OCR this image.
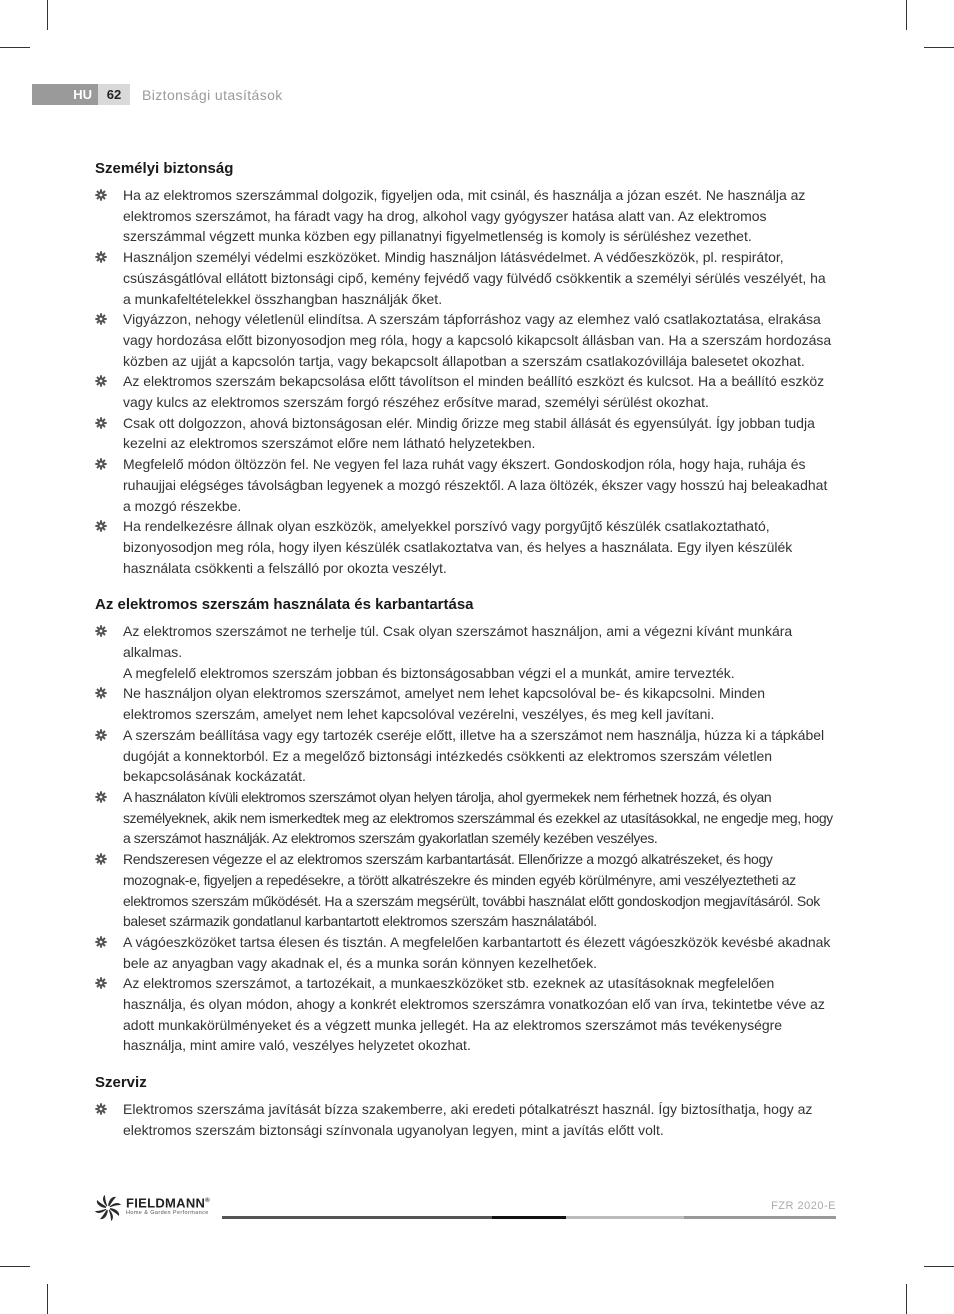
HU	62	Biztonsági utasítások
Személyi biztonság
Ha az elektromos szerszámmal dolgozik, figyeljen oda, mit csinál, és használja a józan eszét. Ne használja az elektromos szerszámot, ha fáradt vagy ha drog, alkohol vagy gyógyszer hatása alatt van. Az elektromos szerszámmal végzett munka közben egy pillanatnyi figyelmetlenség is komoly is sérüléshez vezethet.
Használjon személyi védelmi eszközöket. Mindig használjon látásvédelmet. A védőeszközök, pl. respirátor, csúszásgátlóval ellátott biztonsági cipő, kemény fejvédő vagy fülvédő csökkentik a személyi sérülés veszélyét, ha a munkafeltételekkel összhangban használják őket.
Vigyázzon, nehogy véletlenül elindítsa. A szerszám tápforráshoz vagy az elemhez való csatlakoztatása, elrakása vagy hordozása előtt bizonyosodjon meg róla, hogy a kapcsoló kikapcsolt állásban van. Ha a szerszám hordozása közben az ujját a kapcsolón tartja, vagy bekapcsolt állapotban a szerszám csatlakozóvillája balesetet okozhat.
Az elektromos szerszám bekapcsolása előtt távolítson el minden beállító eszközt és kulcsot. Ha a beállító eszköz vagy kulcs az elektromos szerszám forgó részéhez erősítve marad, személyi sérülést okozhat.
Csak ott dolgozzon, ahová biztonságosan elér. Mindig őrizze meg stabil állását és egyensúlyát. Így jobban tudja kezelni az elektromos szerszámot előre nem látható helyzetekben.
Megfelelő módon öltözzön fel. Ne vegyen fel laza ruhát vagy ékszert. Gondoskodjon róla, hogy haja, ruhája és ruhaujjai elégséges távolságban legyenek a mozgó részektől. A laza öltözék, ékszer vagy hosszú haj beleakadhat a mozgó részekbe.
Ha rendelkezésre állnak olyan eszközök, amelyekkel porszívó vagy porgyűjtő készülék csatlakoztatható, bizonyosodjon meg róla, hogy ilyen készülék csatlakoztatva van, és helyes a használata. Egy ilyen készülék használata csökkenti a felszálló por okozta veszélyt.
Az elektromos szerszám használata és karbantartása
Az elektromos szerszámot ne terhelje túl. Csak olyan szerszámot használjon, ami a végezni kívánt munkára alkalmas.
A megfelelő elektromos szerszám jobban és biztonságosabban végzi el a munkát, amire tervezték.
Ne használjon olyan elektromos szerszámot, amelyet nem lehet kapcsolóval be- és kikapcsolni. Minden elektromos szerszám, amelyet nem lehet kapcsolóval vezérelni, veszélyes, és meg kell javítani.
A szerszám beállítása vagy egy tartozék cseréje előtt, illetve ha a szerszámot nem használja, húzza ki a tápkábel dugóját a konnektorból. Ez a megelőző biztonsági intézkedés csökkenti az elektromos szerszám véletlen bekapcsolásának kockázatát.
A használaton kívüli elektromos szerszámot olyan helyen tárolja, ahol gyermekek nem férhetnek hozzá, és olyan személyeknek, akik nem ismerkedtek meg az elektromos szerszámmal és ezekkel az utasításokkal, ne engedje meg, hogy a szerszámot használják. Az elektromos szerszám gyakorlatlan személy kezében veszélyes.
Rendszeresen végezze el az elektromos szerszám karbantartását. Ellenőrizze a mozgó alkatrészeket, és hogy mozognak-e, figyeljen a repedésekre, a törött alkatrészekre és minden egyéb körülményre, ami veszélyeztetheti az elektromos szerszám működését. Ha a szerszám megsérült, további használat előtt gondoskodjon megjavításáról. Sok baleset származik gondatlanul karbantartott elektromos szerszám használatából.
A vágóeszközöket tartsa élesen és tisztán. A megfelelően karbantartott és élezett vágóeszközök kevésbé akadnak bele az anyagban vagy akadnak el, és a munka során könnyen kezelhetőek.
Az elektromos szerszámot, a tartozékait, a munkaeszközöket stb. ezeknek az utasításoknak megfelelően használja, és olyan módon, ahogy a konkrét elektromos szerszámra vonatkozóan elő van írva, tekintetbe véve az adott munkakörülményeket és a végzett munka jellegét. Ha az elektromos szerszámot más tevékenységre használja, mint amire való, veszélyes helyzetet okozhat.
Szerviz
Elektromos szerszáma javítását bízza szakemberre, aki eredeti pótalkatrészt használ. Így biztosíthatja, hogy az elektromos szerszám biztonsági színvonala ugyanolyan legyen, mint a javítás előtt volt.
FIELDMANN®
Home & Garden Performance
FZR 2020-E
